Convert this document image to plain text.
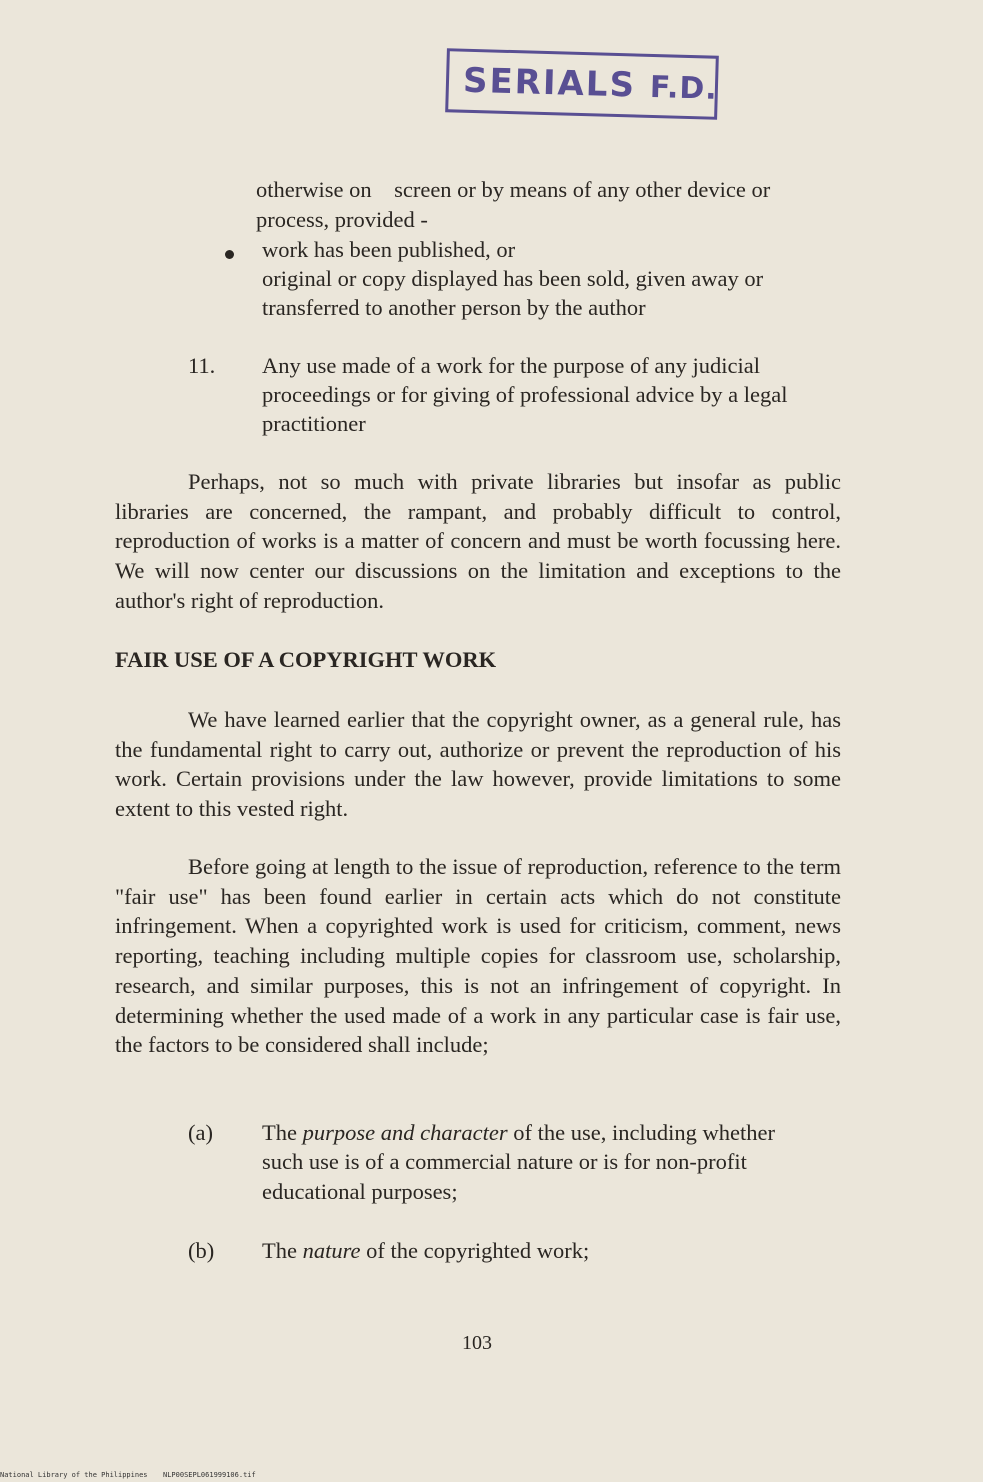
SERIALS F.D.
otherwise on    screen or by means of any other device or
process, provided -
work has been published, or
original or copy displayed has been sold, given away or
transferred to another person by the author
11. Any use made of a work for the purpose of any judicial
proceedings or for giving of professional advice by a legal
practitioner
Perhaps, not so much with private libraries but insofar as public libraries are concerned, the rampant, and probably difficult to control, reproduction of works is a matter of concern and must be worth focussing here. We will now center our discussions on the limitation and exceptions to the author's right of reproduction.
FAIR USE OF A COPYRIGHT WORK
We have learned earlier that the copyright owner, as a general rule, has the fundamental right to carry out, authorize or prevent the reproduction of his work. Certain provisions under the law however, provide limitations to some extent to this vested right.
Before going at length to the issue of reproduction, reference to the term "fair use" has been found earlier in certain acts which do not constitute infringement. When a copyrighted work is used for criticism, comment, news reporting, teaching including multiple copies for classroom use, scholarship, research, and similar purposes, this is not an infringement of copyright. In determining whether the used made of a work in any particular case is fair use, the factors to be considered shall include;
(a) The purpose and character of the use, including whether
such use is of a commercial nature or is for non-profit
educational purposes;
(b) The nature of the copyrighted work;
103
National Library of the Philippines NLP00SEPL061999106.tif
